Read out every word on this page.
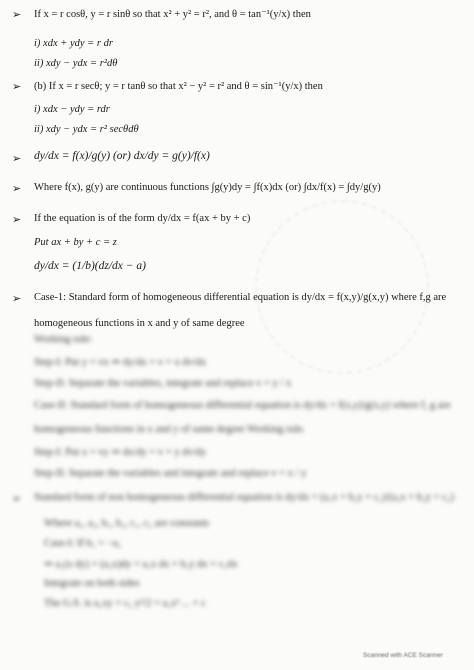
➢ If x = r cosθ, y = r sinθ so that x² + y² = r², and θ = tan⁻¹(y/x) then
i) xdx + ydy = r dr
ii) xdy − ydx = r²dθ
➢ (b) If x = r secθ; y = r tanθ so that x² − y² = r² and θ = sin⁻¹(y/x) then
i) xdx − ydy = rdr
ii) xdy − ydx = r² secθdθ
➢ dy/dx = f(x)/g(y) (or) dx/dy = g(y)/f(x)
➢ Where f(x), g(y) are continuous functions ∫g(y)dy = ∫f(x)dx (or) ∫dx/f(x) = ∫dy/g(y)
➢ If the equation is of the form dy/dx = f(ax + by + c)
Put ax + by + c = z
dy/dx = (1/b)(dz/dx − a)
➢ Case-1: Standard form of homogeneous differential equation is dy/dx = f(x,y)/g(x,y) where f,g are
homogeneous functions in x and y of same degree
Working rule:
Step-I: Put y = vx ⇒ dy/dx = v + x dv/dx
Step-II: Separate the variables, integrate and replace v = y / x
Case-II: Standard form of homogeneous differential equation is dy/dx = f(x,y)/g(x,y) where f, g are
homogeneous functions in x and y of same degree Working rule.
Step-I: Put x = vy ⇒ dx/dy = v + y dv/dy
Step-II: Separate the variables and integrate and replace v = x / y
➢ Standard form of non homogeneous differential equation is dy/dx = (a₁x + b₁y + c₁)/(a₂x + b₂y + c₂)
Where a₁, a₂, b₁, b₂, c₁, c₂ are constants
Case-I: If b₁ = −a₂
⇒ a₁(x dy) + (a₂x)dy = a₁x dx + b₁y dx + c₁dx
Integrate on both sides
The G.S. is a₁xy + c₂ y²/2 = a₁x² ... + c
Scanned with ACE Scanner
